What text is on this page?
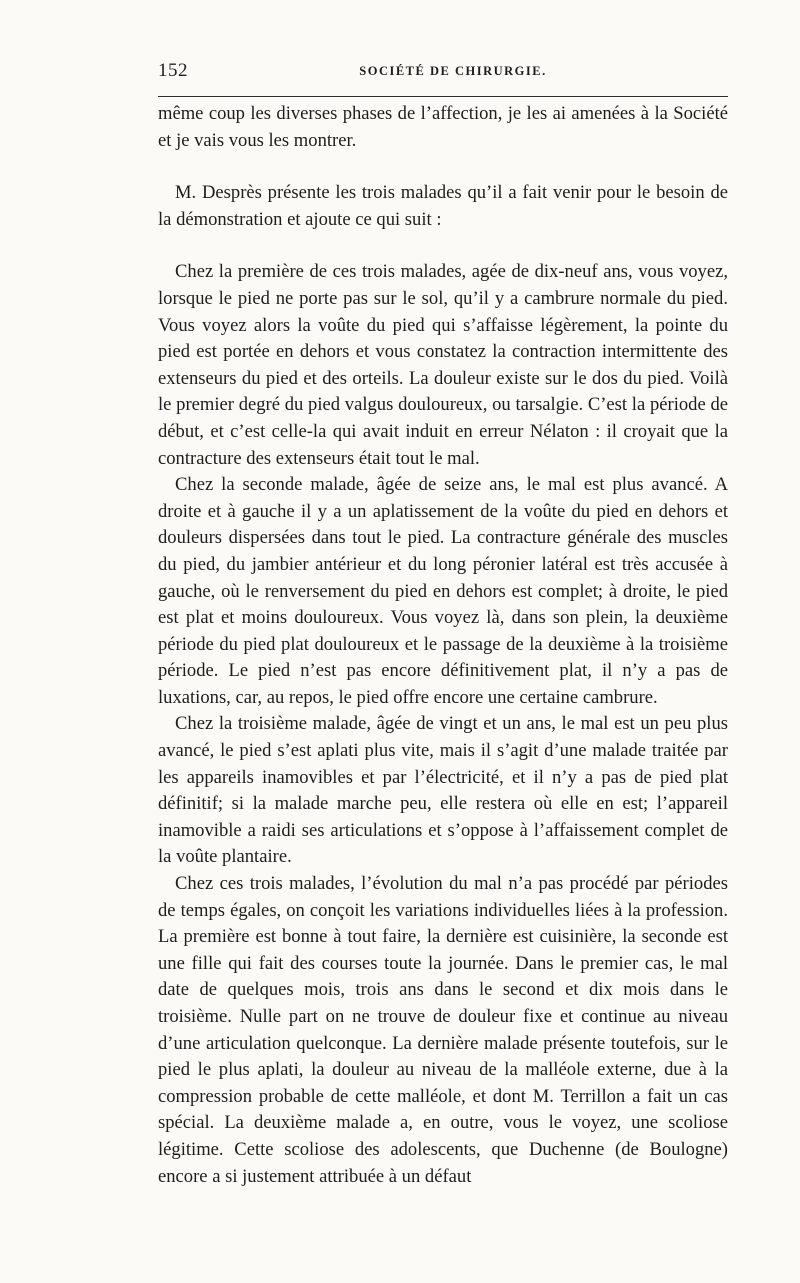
152	SOCIÉTÉ DE CHIRURGIE.

même coup les diverses phases de l’affection, je les ai amenées à la Société et je vais vous les montrer.

M. Desprès présente les trois malades qu’il a fait venir pour le besoin de la démonstration et ajoute ce qui suit :

Chez la première de ces trois malades, agée de dix-neuf ans, vous voyez, lorsque le pied ne porte pas sur le sol, qu’il y a cambrure normale du pied. Vous voyez alors la voûte du pied qui s’affaisse légèrement, la pointe du pied est portée en dehors et vous constatez la contraction intermittente des extenseurs du pied et des orteils. La douleur existe sur le dos du pied. Voilà le premier degré du pied valgus douloureux, ou tarsalgie. C’est la période de début, et c’est celle-la qui avait induit en erreur Nélaton : il croyait que la contracture des extenseurs était tout le mal.

Chez la seconde malade, âgée de seize ans, le mal est plus avancé. A droite et à gauche il y a un aplatissement de la voûte du pied en dehors et douleurs dispersées dans tout le pied. La contracture générale des muscles du pied, du jambier antérieur et du long péronier latéral est très accusée à gauche, où le renversement du pied en dehors est complet; à droite, le pied est plat et moins douloureux. Vous voyez là, dans son plein, la deuxième période du pied plat douloureux et le passage de la deuxième à la troisième période. Le pied n’est pas encore définitivement plat, il n’y a pas de luxations, car, au repos, le pied offre encore une certaine cambrure.

Chez la troisième malade, âgée de vingt et un ans, le mal est un peu plus avancé, le pied s’est aplati plus vite, mais il s’agit d’une malade traitée par les appareils inamovibles et par l’électricité, et il n’y a pas de pied plat définitif; si la malade marche peu, elle restera où elle en est; l’appareil inamovible a raidi ses articulations et s’oppose à l’affaissement complet de la voûte plantaire.

Chez ces trois malades, l’évolution du mal n’a pas procédé par périodes de temps égales, on conçoit les variations individuelles liées à la profession. La première est bonne à tout faire, la dernière est cuisinière, la seconde est une fille qui fait des courses toute la journée. Dans le premier cas, le mal date de quelques mois, trois ans dans le second et dix mois dans le troisième. Nulle part on ne trouve de douleur fixe et continue au niveau d’une articulation quelconque. La dernière malade présente toutefois, sur le pied le plus aplati, la douleur au niveau de la malléole externe, due à la compression probable de cette malléole, et dont M. Terrillon a fait un cas spécial. La deuxième malade a, en outre, vous le voyez, une scoliose légitime. Cette scoliose des adolescents, que Duchenne (de Boulogne) encore a si justement attribuée à un défaut
